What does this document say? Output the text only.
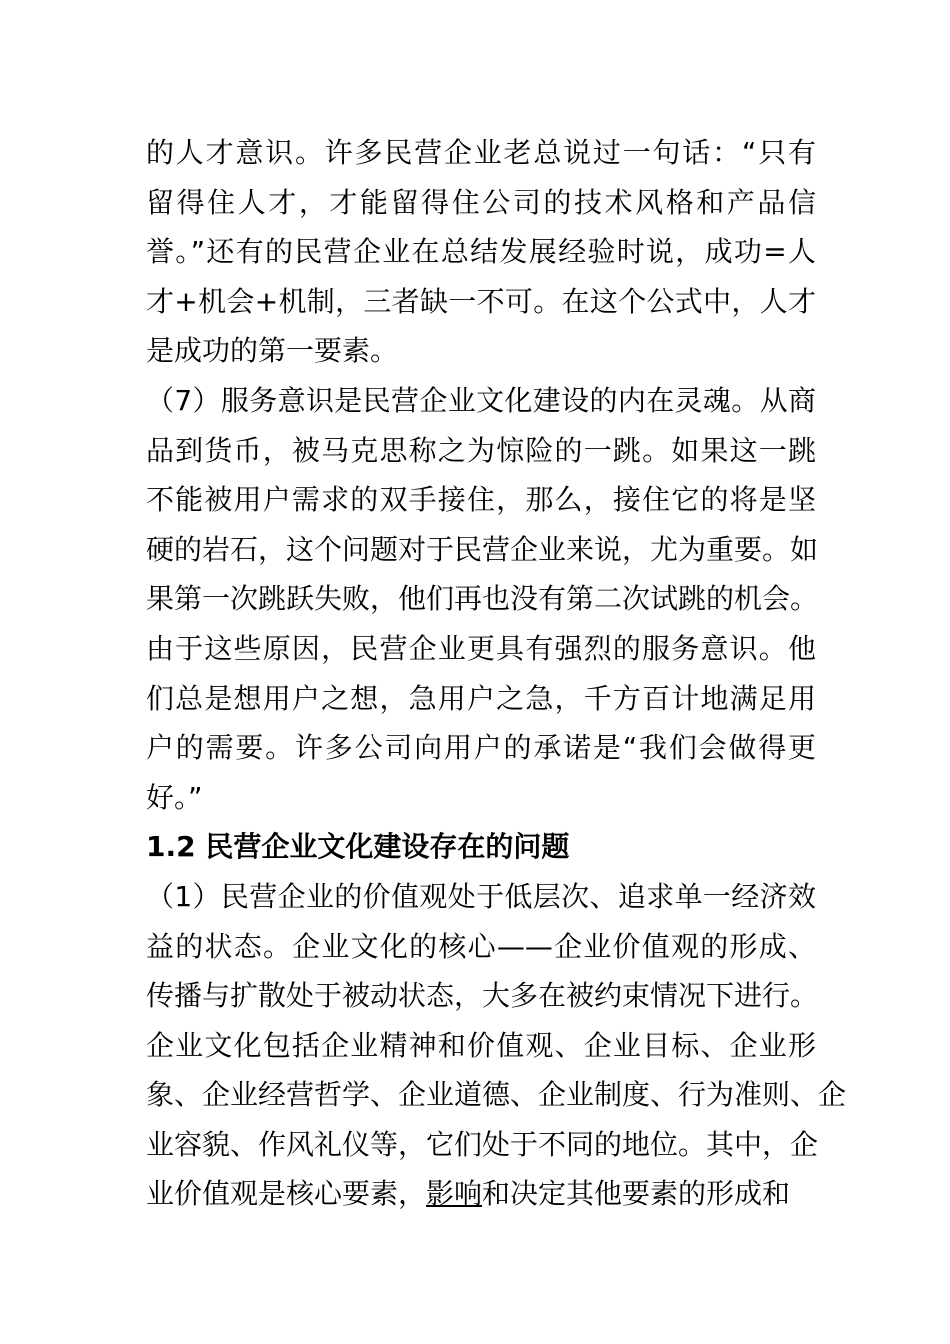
的人才意识。许多民营企业老总说过一句话：“只有
留得住人才，才能留得住公司的技术风格和产品信
誉。”还有的民营企业在总结发展经验时说，成功=人
才+机会+机制，三者缺一不可。在这个公式中，人才
是成功的第一要素。
（7）服务意识是民营企业文化建设的内在灵魂。从商
品到货币，被马克思称之为惊险的一跳。如果这一跳
不能被用户需求的双手接住，那么，接住它的将是坚
硬的岩石，这个问题对于民营企业来说，尤为重要。如
果第一次跳跃失败，他们再也没有第二次试跳的机会。
由于这些原因，民营企业更具有强烈的服务意识。他
们总是想用户之想，急用户之急，千方百计地满足用
户的需要。许多公司向用户的承诺是“我们会做得更
好。”
1.2 民营企业文化建设存在的问题
（1）民营企业的价值观处于低层次、追求单一经济效
益的状态。企业文化的核心——企业价值观的形成、
传播与扩散处于被动状态，大多在被约束情况下进行。
企业文化包括企业精神和价值观、企业目标、企业形
象、企业经营哲学、企业道德、企业制度、行为准则、企
业容貌、作风礼仪等，它们处于不同的地位。其中，企
业价值观是核心要素，影响和决定其他要素的形成和
